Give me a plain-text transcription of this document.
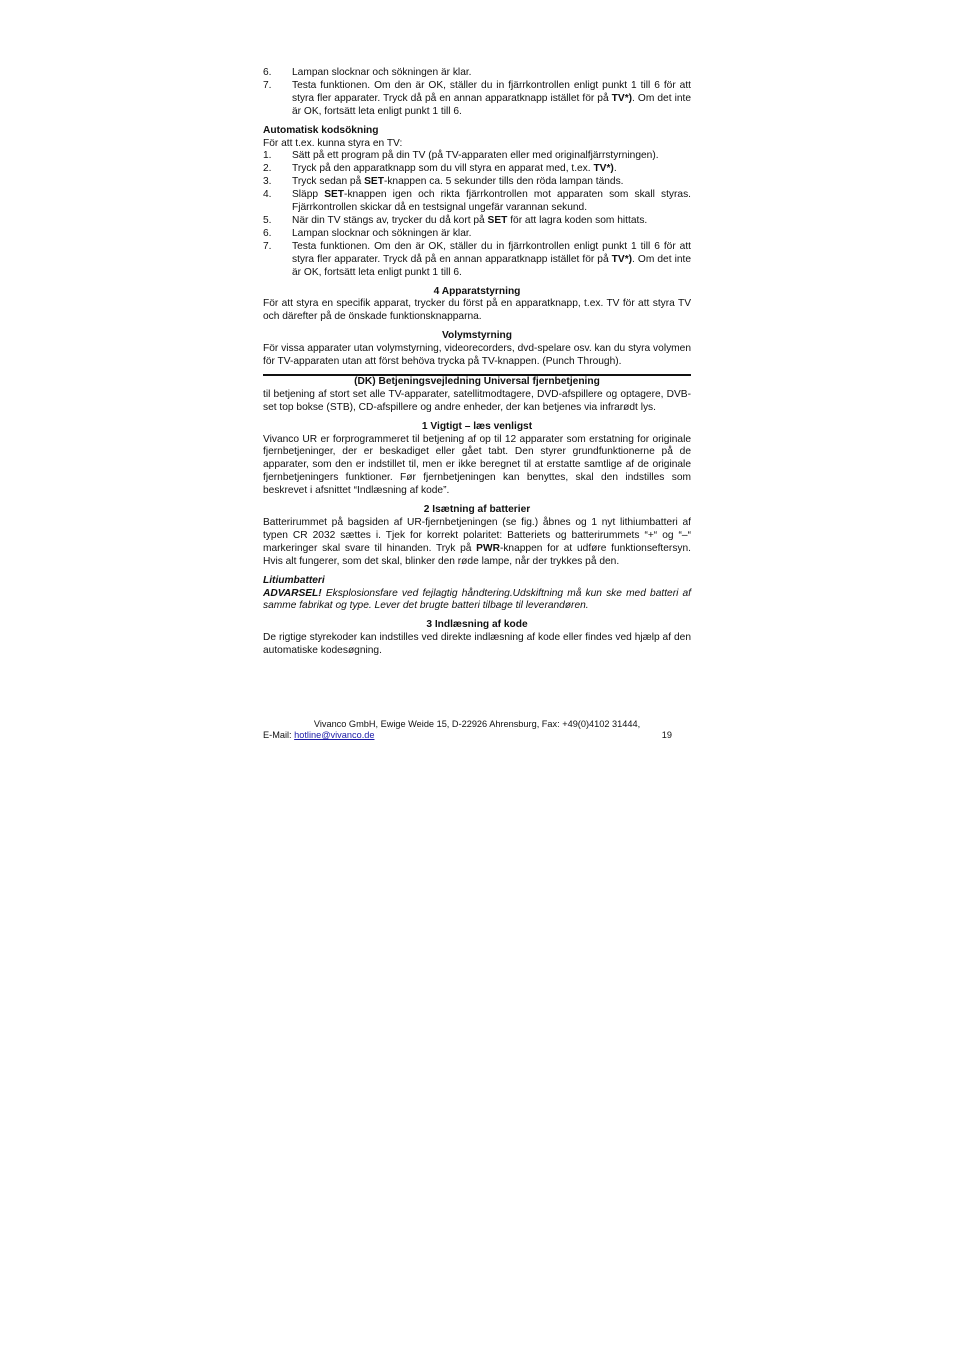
6.	Lampan slocknar och sökningen är klar.
7.	Testa funktionen. Om den är OK, ställer du in fjärrkontrollen enligt punkt 1 till 6 för att styra fler apparater. Tryck då på en annan apparatknapp istället för på TV*). Om det inte är OK, fortsätt leta enligt punkt 1 till 6.
Automatisk kodsökning
För att t.ex. kunna styra en TV:
1.	Sätt på ett program på din TV (på TV-apparaten eller med originalfjärrstyrningen).
2.	Tryck på den apparatknapp som du vill styra en apparat med, t.ex. TV*).
3.	Tryck sedan på SET-knappen ca. 5 sekunder tills den röda lampan tänds.
4.	Släpp SET-knappen igen och rikta fjärrkontrollen mot apparaten som skall styras. Fjärrkontrollen skickar då en testsignal ungefär varannan sekund.
5.	När din TV stängs av, trycker du då kort på SET för att lagra koden som hittats.
6.	Lampan slocknar och sökningen är klar.
7.	Testa funktionen. Om den är OK, ställer du in fjärrkontrollen enligt punkt 1 till 6 för att styra fler apparater. Tryck då på en annan apparatknapp istället för på TV*). Om det inte är OK, fortsätt leta enligt punkt 1 till 6.
4 Apparatstyrning
För att styra en specifik apparat, trycker du först på en apparatknapp, t.ex. TV för att styra TV och därefter på de önskade funktionsknapparna.
Volymstyrning
För vissa apparater utan volymstyrning, videorecorders, dvd-spelare osv. kan du styra volymen för TV-apparaten utan att först behöva trycka på TV-knappen. (Punch Through).
(DK) Betjeningsvejledning Universal fjernbetjening
til betjening af stort set alle TV-apparater, satellitmodtagere, DVD-afspillere og optagere, DVB-set top bokse (STB), CD-afspillere og andre enheder, der kan betjenes via infrarødt lys.
1 Vigtigt – læs venligst
Vivanco UR er forprogrammeret til betjening af op til 12 apparater som erstatning for originale fjernbetjeninger, der er beskadiget eller gået tabt. Den styrer grundfunktionerne på de apparater, som den er indstillet til, men er ikke beregnet til at erstatte samtlige af de originale fjernbetjeningers funktioner. Før fjernbetjeningen kan benyttes, skal den indstilles som beskrevet i afsnittet “Indlæsning af kode”.
2 Isætning af batterier
Batterirummet på bagsiden af UR-fjernbetjeningen (se fig.) åbnes og 1 nyt lithiumbatteri af typen CR 2032 sættes i. Tjek for korrekt polaritet: Batteriets og batterirummets “+“ og “–“ markeringer skal svare til hinanden. Tryk på PWR-knappen for at udføre funktionseftersyn. Hvis alt fungerer, som det skal, blinker den røde lampe, når der trykkes på den.
Litiumbatteri
ADVARSEL! Eksplosionsfare ved fejlagtig håndtering.Udskiftning må kun ske med batteri af samme fabrikat og type. Lever det brugte batteri tilbage til leverandøren.
3 Indlæsning af kode
De rigtige styrekoder kan indstilles ved direkte indlæsning af kode eller findes ved hjælp af den automatiske kodesøgning.
Vivanco GmbH, Ewige Weide 15, D-22926 Ahrensburg, Fax: +49(0)4102 31444,
E-Mail: hotline@vivanco.de	19
